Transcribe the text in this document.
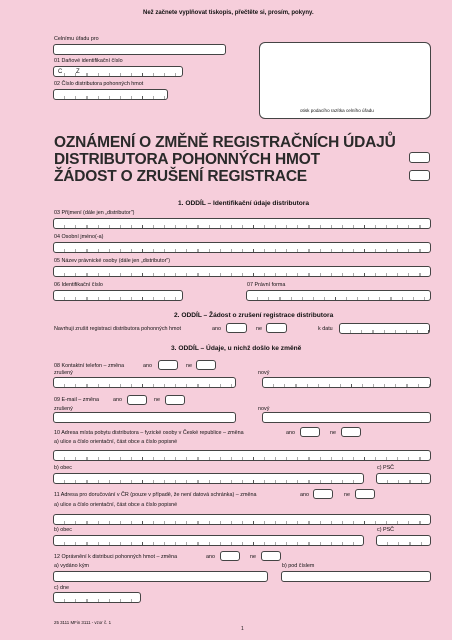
Než začnete vyplňovat tiskopis, přečtěte si, prosím, pokyny.
Celnímu úřadu pro
01 Daňové identifikační číslo
C Z
02 Číslo distributora pohonných hmot
otisk podacího razítka celního úřadu
OZNÁMENÍ O ZMĚNĚ REGISTRAČNÍCH ÚDAJŮ
DISTRIBUTORA POHONNÝCH HMOT
ŽÁDOST O ZRUŠENÍ REGISTRACE
1. ODDÍL – Identifikační údaje distributora
03 Příjmení (dále jen „distributor")
04 Osobní jméno(-a)
05 Název právnické osoby (dále jen „distributor")
06 Identifikační číslo	07 Právní forma
2. ODDÍL – Žádost o zrušení registrace distributora
Navrhuji zrušit registraci distributora pohonných hmot	ano	ne	k datu
3. ODDÍL – Údaje, u nichž došlo ke změně
08 Kontaktní telefon – změna	ano	ne
zrušený	nový
09 E-mail – změna	ano	ne
zrušený	nový
10 Adresa místa pobytu distributora – fyzické osoby v České republice – změna	ano	ne
a) ulice a číslo orientační, část obce a číslo popisné
b) obec	c) PSČ
11 Adresa pro doručování v ČR (pouze v případě, že není datová schránka) – změna	ano	ne
a) ulice a číslo orientační, část obce a číslo popisné
b) obec	c) PSČ
12 Oprávnění k distribuci pohonných hmot – změna	ano	ne
a) vydáno kým	b) pod číslem
c) dne
25 3111 MFin 3111 - vzor č. 1
1
